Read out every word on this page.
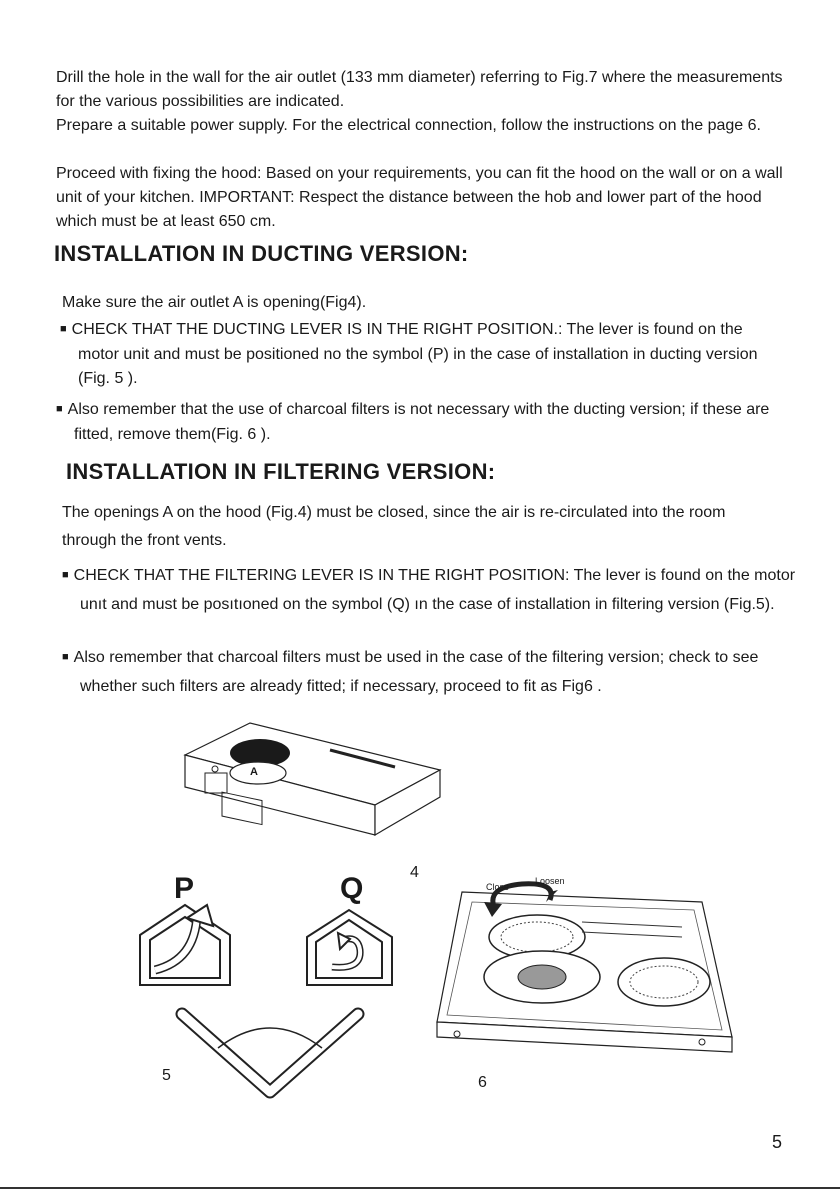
Drill the hole in the wall for the air outlet (133 mm diameter) referring to Fig.7 where the measurements for the various possibilities are indicated.

Prepare a suitable power supply. For the electrical connection, follow the instructions on the page 6.

Proceed with fixing the hood: Based on your requirements, you can fit the hood on the wall or on a wall unit of your kitchen. IMPORTANT: Respect the distance between the hob and lower part of the hood which must be at least 650 cm.

INSTALLATION IN DUCTING VERSION:

Make sure the air outlet A is opening(Fig4).

■ CHECK THAT THE DUCTING LEVER IS IN THE RIGHT POSITION.: The lever is found on the motor unit and must be positioned no the symbol (P) in the case of installation in ducting version (Fig. 5 ).

■ Also remember that the use of charcoal filters is not necessary with the ducting version; if these are fitted, remove them(Fig. 6 ).

INSTALLATION IN FILTERING VERSION:

The openings A on the hood (Fig.4) must be closed, since the air is re-circulated into the room through the front vents.

■ CHECK THAT THE FILTERING LEVER IS IN THE RIGHT POSITION: The lever is found on the motor unıt and must be posıtıoned on the symbol (Q) ın the case of installation in filtering version (Fig.5).

■ Also remember that charcoal filters must be used in the case of the filtering version; check to see whether such filters are already fitted; if necessary, proceed to fit as Fig6 .

A
4
P	Q
5
Close
Loosen
6
5
